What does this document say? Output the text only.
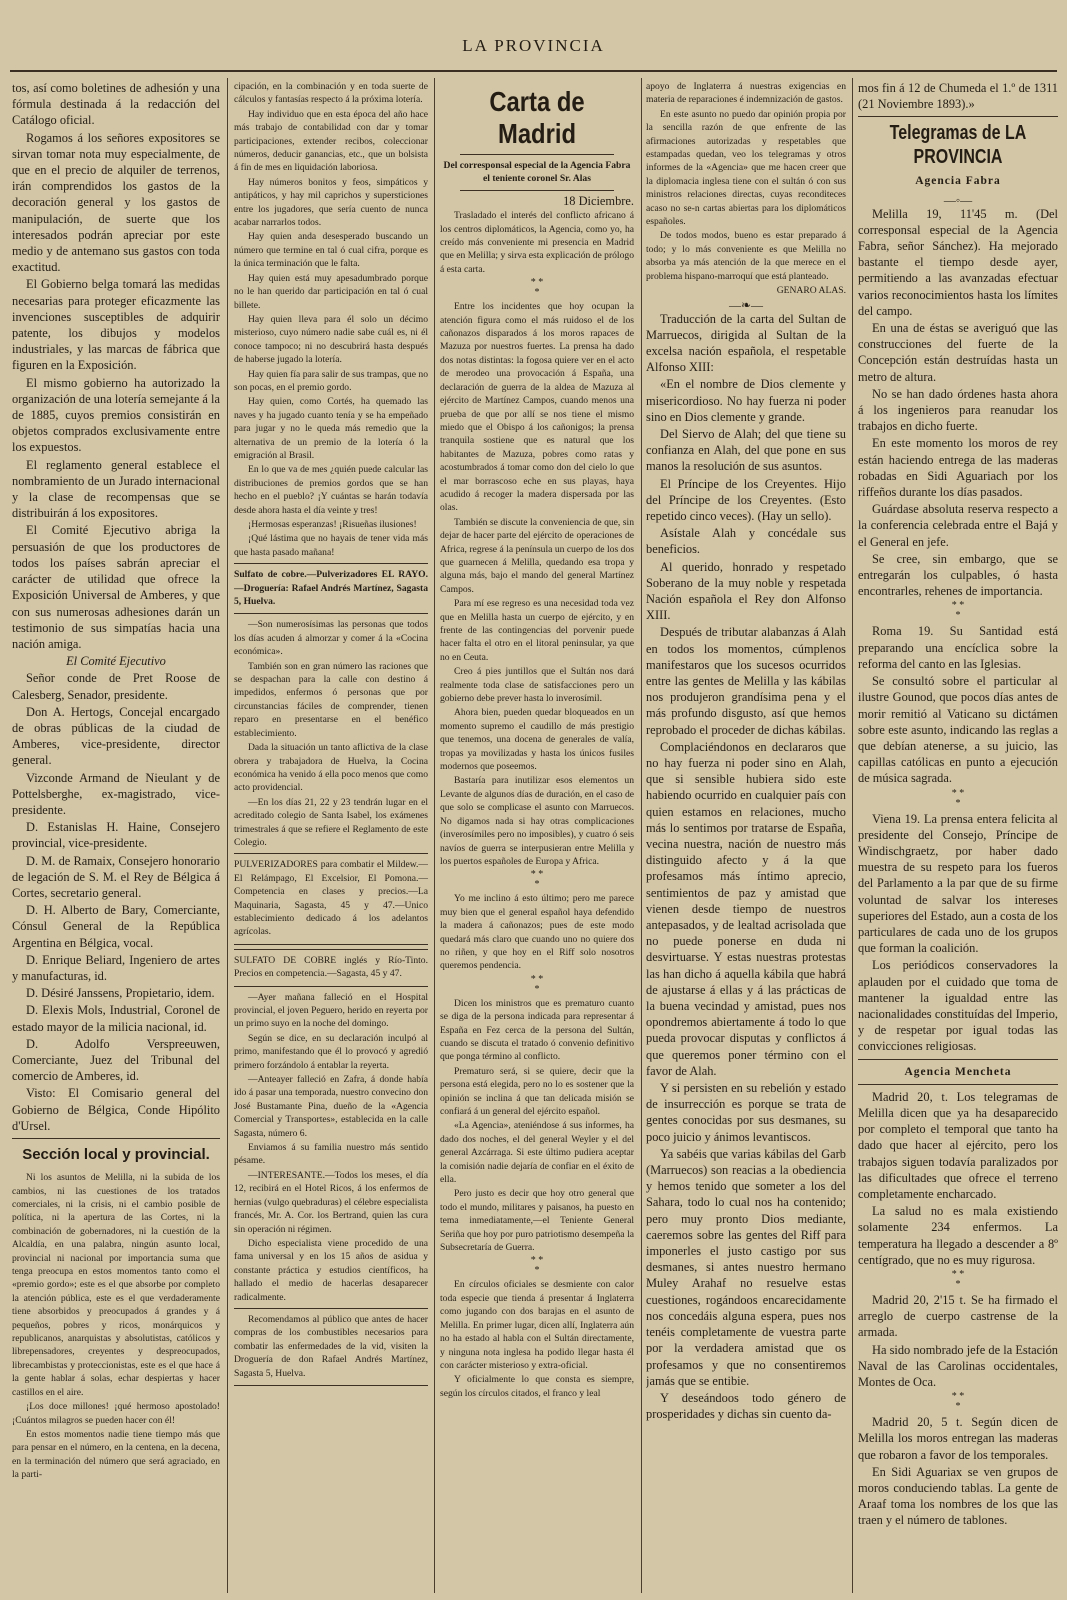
LA PROVINCIA

tos, así como boletines de adhesión y una fórmula destinada á la redacción del Catálogo oficial.

Rogamos á los señores expositores se sirvan tomar nota muy especialmente, de que en el precio de alquiler de terrenos, irán comprendidos los gastos de la decoración general y los gastos de manipulación, de suerte que los interesados podrán apreciar por este medio y de antemano sus gastos con toda exactitud.

El Gobierno belga tomará las medidas necesarias para proteger eficazmente las invenciones susceptibles de adquirir patente, los dibujos y modelos industriales, y las marcas de fábrica que figuren en la Exposición.

El mismo gobierno ha autorizado la organización de una lotería semejante á la de 1885, cuyos premios consistirán en objetos comprados exclusivamente entre los expuestos.

El reglamento general establece el nombramiento de un Jurado internacional y la clase de recompensas que se distribuirán á los expositores.

El Comité Ejecutivo abriga la persuasión de que los productores de todos los países sabrán apreciar el carácter de utilidad que ofrece la Exposición Universal de Amberes, y que con sus numerosas adhesiones darán un testimonio de sus simpatías hacia una nación amiga.

El Comité Ejecutivo

Señor conde de Pret Roose de Calesberg, Senador, presidente.

Don A. Hertogs, Concejal encargado de obras públicas de la ciudad de Amberes, vice-presidente, director general.

Vizconde Armand de Nieulant y de Pottelsberghe, ex-magistrado, vice-presidente.

D. Estanislas H. Haine, Consejero provincial, vice-presidente.

D. M. de Ramaix, Consejero honorario de legación de S. M. el Rey de Bélgica á Cortes, secretario general.

D. H. Alberto de Bary, Comerciante, Cónsul General de la República Argentina en Bélgica, vocal.

D. Enrique Beliard, Ingeniero de artes y manufacturas, id.

D. Désiré Janssens, Propietario, idem.

D. Elexis Mols, Industrial, Coronel de estado mayor de la milicia nacional, id.

D. Adolfo Verspreeuwen, Comerciante, Juez del Tribunal del comercio de Amberes, id.

Visto: El Comisario general del Gobierno de Bélgica, Conde Hipólito d'Ursel.

Sección local y provincial.

Ni los asuntos de Melilla, ni la subida de los cambios, ni las cuestiones de los tratados comerciales, ni la crisis, ni el cambio posible de política, ni la apertura de las Cortes, ni la combinación de gobernadores, ni la cuestión de la Alcaldía, en una palabra, ningún asunto local, provincial ni nacional por importancia suma que tenga preocupa en estos momentos tanto como el «premio gordo»; este es el que absorbe por completo la atención pública, este es el que verdaderamente tiene absorbidos y preocupados á grandes y á pequeños, pobres y ricos, monárquicos y republicanos, anarquistas y absolutistas, católicos y librepensadores, creyentes y despreocupados, librecambistas y proteccionistas, este es el que hace á la gente hablar á solas, echar despiertas y hacer castillos en el aire.

¡Los doce millones! ¡qué hermoso apostolado! ¡Cuántos milagros se pueden hacer con él!

En estos momentos nadie tiene tiempo más que para pensar en el número, en la centena, en la decena, en la terminación del número que será agraciado, en la parti-

cipación, en la combinación y en toda suerte de cálculos y fantasías respecto á la próxima lotería.

Hay individuo que en esta época del año hace más trabajo de contabilidad con dar y tomar participaciones, extender recibos, coleccionar números, deducir ganancias, etc., que un bolsista á fin de mes en liquidación laboriosa.

Hay números bonitos y feos, simpáticos y antipáticos, y hay mil caprichos y supersticiones entre los jugadores, que sería cuento de nunca acabar narrarlos todos.

Hay quien anda desesperado buscando un número que termine en tal ó cual cifra, porque es la única terminación que le falta.

Hay quien está muy apesadumbrado porque no le han querido dar participación en tal ó cual billete.

Hay quien lleva para él solo un décimo misterioso, cuyo número nadie sabe cuál es, ni él conoce tampoco; ni no descubrirá hasta después de haberse jugado la lotería.

Hay quien fía para salir de sus trampas, que no son pocas, en el premio gordo.

Hay quien, como Cortés, ha quemado las naves y ha jugado cuanto tenía y se ha empeñado para jugar y no le queda más remedio que la alternativa de un premio de la lotería ó la emigración al Brasil.

En lo que va de mes ¿quién puede calcular las distribuciones de premios gordos que se han hecho en el pueblo? ¡Y cuántas se harán todavía desde ahora hasta el día veinte y tres!

¡Hermosas esperanzas! ¡Risueñas ilusiones!

¡Qué lástima que no hayais de tener vida más que hasta pasado mañana!

Sulfato de cobre.—Pulverizadores EL RAYO.—Droguería: Rafael Andrés Martínez, Sagasta 5, Huelva.

—Son numerosísimas las personas que todos los días acuden á almorzar y comer á la «Cocina económica».

También son en gran número las raciones que se despachan para la calle con destino á impedidos, enfermos ó personas que por circunstancias fáciles de comprender, tienen reparo en presentarse en el benéfico establecimiento.

Dada la situación un tanto aflictiva de la clase obrera y trabajadora de Huelva, la Cocina económica ha venido á ella poco menos que como acto providencial.

—En los días 21, 22 y 23 tendrán lugar en el acreditado colegio de Santa Isabel, los exámenes trimestrales á que se refiere el Reglamento de este Colegio.

PULVERIZADORES para combatir el Mildew.—El Relámpago, El Excelsior, El Pomona.—Competencia en clases y precios.—La Maquinaria, Sagasta, 45 y 47.—Unico establecimiento dedicado á los adelantos agrícolas.

SULFATO DE COBRE inglés y Río-Tinto. Precios en competencia.—Sagasta, 45 y 47.

—Ayer mañana falleció en el Hospital provincial, el joven Peguero, herido en reyerta por un primo suyo en la noche del domingo.

Según se dice, en su declaración inculpó al primo, manifestando que él lo provocó y agredió primero forzándolo á entablar la reyerta.

—Anteayer falleció en Zafra, á donde había ido á pasar una temporada, nuestro convecino don José Bustamante Pina, dueño de la «Agencia Comercial y Transportes», establecida en la calle Sagasta, número 6.

Enviamos á su familia nuestro más sentido pésame.

—INTERESANTE.—Todos los meses, el día 12, recibirá en el Hotel Ricos, á los enfermos de hernias (vulgo quebraduras) el célebre especialista francés, Mr. A. Cor. los Bertrand, quien las cura sin operación ni régimen.

Dicho especialista viene procedido de una fama universal y en los 15 años de asidua y constante práctica y estudios científicos, ha hallado el medio de hacerlas desaparecer radicalmente.

Recomendamos al público que antes de hacer compras de los combustibles necesarios para combatir las enfermedades de la vid, visiten la Droguería de don Rafael Andrés Martínez, Sagasta 5, Huelva.

Carta de Madrid

Del corresponsal especial de la Agencia Fabra el teniente coronel Sr. Alas

18 Diciembre.

Trasladado el interés del conflicto africano á los centros diplomáticos, la Agencia, como yo, ha creído más conveniente mi presencia en Madrid que en Melilla; y sirva esta explicación de prólogo á esta carta.

* *
*

Entre los incidentes que hoy ocupan la atención figura como el más ruidoso el de los cañonazos disparados á los moros rapaces de Mazuza por nuestros fuertes. La prensa ha dado dos notas distintas: la fogosa quiere ver en el acto de merodeo una provocación á España, una declaración de guerra de la aldea de Mazuza al ejército de Martínez Campos, cuando menos una prueba de que por allí se nos tiene el mismo miedo que el Obispo á los cañonigos; la prensa tranquila sostiene que es natural que los habitantes de Mazuza, pobres como ratas y acostumbrados á tomar como don del cielo lo que el mar borrascoso eche en sus playas, haya acudido á recoger la madera dispersada por las olas.

También se discute la conveniencia de que, sin dejar de hacer parte del ejército de operaciones de Africa, regrese á la península un cuerpo de los dos que guarnecen á Melilla, quedando esa tropa y alguna más, bajo el mando del general Martínez Campos.

Para mí ese regreso es una necesidad toda vez que en Melilla hasta un cuerpo de ejército, y en frente de las contingencias del porvenir puede hacer falta el otro en el litoral peninsular, ya que no en Ceuta.

Creo á pies juntillos que el Sultán nos dará realmente toda clase de satisfacciones pero un gobierno debe prever hasta lo inverosímil.

Ahora bien, pueden quedar bloqueados en un momento supremo el caudillo de más prestigio que tenemos, una docena de generales de valía, tropas ya movilizadas y hasta los únicos fusiles modernos que poseemos.

Bastaría para inutilizar esos elementos un Levante de algunos días de duración, en el caso de que solo se complicase el asunto con Marruecos. No digamos nada si hay otras complicaciones (inverosímiles pero no imposibles), y cuatro ó seis navíos de guerra se interpusieran entre Melilla y los puertos españoles de Europa y Africa.

* *
*

Yo me inclino á esto último; pero me parece muy bien que el general español haya defendido la madera á cañonazos; pues de este modo quedará más claro que cuando uno no quiere dos no riñen, y que hoy en el Riff solo nosotros queremos pendencia.

* *
*

Dicen los ministros que es prematuro cuanto se diga de la persona indicada para representar á España en Fez cerca de la persona del Sultán, cuando se discuta el tratado ó convenio definitivo que ponga término al conflicto.

Prematuro será, si se quiere, decir que la persona está elegida, pero no lo es sostener que la opinión se inclina á que tan delicada misión se confiará á un general del ejército español.

«La Agencia», ateniéndose á sus informes, ha dado dos noches, el del general Weyler y el del general Azcárraga. Si este último pudiera aceptar la comisión nadie dejaría de confiar en el éxito de ella.

Pero justo es decir que hoy otro general que todo el mundo, militares y paisanos, ha puesto en tema inmediatamente,—el Teniente General Seriña que hoy por puro patriotismo desempeña la Subsecretaría de Guerra.

* *
*

En círculos oficiales se desmiente con calor toda especie que tienda á presentar á Inglaterra como jugando con dos barajas en el asunto de Melilla. En primer lugar, dicen allí, Inglaterra aún no ha estado al habla con el Sultán directamente, y ninguna nota inglesa ha podido llegar hasta él con carácter misterioso y extra-oficial.

Y oficialmente lo que consta es siempre, según los círculos citados, el franco y leal

apoyo de Inglaterra á nuestras exigencias en materia de reparaciones é indemnización de gastos.

En este asunto no puedo dar opinión propia por la sencilla razón de que enfrente de las afirmaciones autorizadas y respetables que estampadas quedan, veo los telegramas y otros informes de la «Agencia» que me hacen creer que la diplomacia inglesa tiene con el sultán ó con sus ministros relaciones directas, cuyas reconditeces acaso no se-n cartas abiertas para los diplomáticos españoles.

De todos modos, bueno es estar preparado á todo; y lo más conveniente es que Melilla no absorba ya más atención de la que merece en el problema hispano-marroquí que está planteado.

GENARO ALAS.

—❧—

Traducción de la carta del Sultan de Marruecos, dirigida al Sultan de la excelsa nación española, el respetable Alfonso XIII:

«En el nombre de Dios clemente y misericordioso. No hay fuerza ni poder sino en Dios clemente y grande.

Del Siervo de Alah; del que tiene su confianza en Alah, del que pone en sus manos la resolución de sus asuntos.

El Príncipe de los Creyentes. Hijo del Príncipe de los Creyentes. (Esto repetido cinco veces). (Hay un sello).

Asístale Alah y concédale sus beneficios.

Al querido, honrado y respetado Soberano de la muy noble y respetada Nación española el Rey don Alfonso XIII.

Después de tributar alabanzas á Alah en todos los momentos, cúmplenos manifestaros que los sucesos ocurridos entre las gentes de Melilla y las kábilas nos produjeron grandísima pena y el más profundo disgusto, así que hemos reprobado el proceder de dichas kábilas.

Complaciéndonos en declararos que no hay fuerza ni poder sino en Alah, que si sensible hubiera sido este habiendo ocurrido en cualquier país con quien estamos en relaciones, mucho más lo sentimos por tratarse de España, vecina nuestra, nación de nuestro más distinguido afecto y á la que profesamos más íntimo aprecio, sentimientos de paz y amistad que vienen desde tiempo de nuestros antepasados, y de lealtad acrisolada que no puede ponerse en duda ni desvirtuarse. Y estas nuestras protestas las han dicho á aquella kábila que habrá de ajustarse á ellas y á las prácticas de la buena vecindad y amistad, pues nos opondremos abiertamente á todo lo que pueda provocar disputas y conflictos á que queremos poner término con el favor de Alah.

Y si persisten en su rebelión y estado de insurrección es porque se trata de gentes conocidas por sus desmanes, su poco juicio y ánimos levantiscos.

Ya sabéis que varias kábilas del Garb (Marruecos) son reacias a la obediencia y hemos tenido que someter a los del Sahara, todo lo cual nos ha contenido; pero muy pronto Dios mediante, caeremos sobre las gentes del Riff para imponerles el justo castigo por sus desmanes, si antes nuestro hermano Muley Arahaf no resuelve estas cuestiones, rogándoos encarecidamente nos concedáis alguna espera, pues nos tenéis completamente de vuestra parte por la verdadera amistad que os profesamos y que no consentiremos jamás que se entibie.

Y deseándoos todo género de prosperidades y dichas sin cuento da-

mos fin á 12 de Chumeda el 1.º de 1311 (21 Noviembre 1893).»

Telegramas de LA PROVINCIA
Agencia Fabra
—◦—

Melilla 19, 11'45 m. (Del corresponsal especial de la Agencia Fabra, señor Sánchez). Ha mejorado bastante el tiempo desde ayer, permitiendo a las avanzadas efectuar varios reconocimientos hasta los límites del campo.

En una de éstas se averiguó que las construcciones del fuerte de la Concepción están destruídas hasta un metro de altura.

No se han dado órdenes hasta ahora á los ingenieros para reanudar los trabajos en dicho fuerte.

En este momento los moros de rey están haciendo entrega de las maderas robadas en Sidi Aguariach por los riffeños durante los días pasados.

Guárdase absoluta reserva respecto a la conferencia celebrada entre el Bajá y el General en jefe.

Se cree, sin embargo, que se entregarán los culpables, ó hasta encontrarles, rehenes de importancia.

* *
*

Roma 19. Su Santidad está preparando una encíclica sobre la reforma del canto en las Iglesias.

Se consultó sobre el particular al ilustre Gounod, que pocos días antes de morir remitió al Vaticano su dictámen sobre este asunto, indicando las reglas a que debían atenerse, a su juicio, las capillas católicas en punto a ejecución de música sagrada.

* *
*

Viena 19. La prensa entera felicita al presidente del Consejo, Príncipe de Windischgraetz, por haber dado muestra de su respeto para los fueros del Parlamento a la par que de su firme voluntad de salvar los intereses superiores del Estado, aun a costa de los particulares de cada uno de los grupos que forman la coalición.

Los periódicos conservadores la aplauden por el cuidado que toma de mantener la igualdad entre las nacionalidades constituídas del Imperio, y de respetar por igual todas las convicciones religiosas.

Agencia Mencheta

Madrid 20, t. Los telegramas de Melilla dicen que ya ha desaparecido por completo el temporal que tanto ha dado que hacer al ejército, pero los trabajos siguen todavía paralizados por las dificultades que ofrece el terreno completamente encharcado.

La salud no es mala existiendo solamente 234 enfermos. La temperatura ha llegado a descender a 8º centígrado, que no es muy rigurosa.

* *
*

Madrid 20, 2'15 t. Se ha firmado el arreglo de cuerpo castrense de la armada.

Ha sido nombrado jefe de la Estación Naval de las Carolinas occidentales, Montes de Oca.

* *
*

Madrid 20, 5 t. Según dicen de Melilla los moros entregan las maderas que robaron a favor de los temporales.

En Sidi Aguariax se ven grupos de moros conduciendo tablas. La gente de Araaf toma los nombres de los que las traen y el número de tablones.
